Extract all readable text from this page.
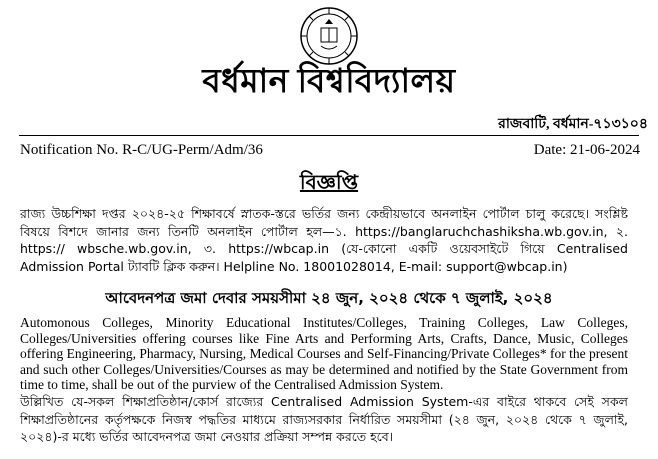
বর্ধমান বিশ্ববিদ্যালয়
রাজবাটি, বর্ধমান-৭১৩১০৪
Notification No. R-C/UG-Perm/Adm/36	Date: 21-06-2024
বিজ্ঞপ্তি
রাজ্য উচ্চশিক্ষা দপ্তর ২০২৪-২৫ শিক্ষাবর্ষে স্নাতক-স্তরে ভর্তির জন্য কেন্দ্রীয়ভাবে অনলাইন পোর্টাল চালু করেছে। সংশ্লিষ্ট বিষয়ে বিশদে জানার জন্য তিনটি অনলাইন পোর্টাল হল—১. https://banglaruchchashiksha.wb.gov.in, ২. https:// wbsche.wb.gov.in, ৩. https://wbcap.in (যে-কোনো একটি ওয়েবসাইটে গিয়ে Centralised Admission Portal ট্যাবটি ক্লিক করুন। Helpline No. 18001028014, E-mail: support@wbcap.in)
আবেদনপত্র জমা দেবার সময়সীমা ২৪ জুন, ২০২৪ থেকে ৭ জুলাই, ২০২৪
Automonous Colleges, Minority Educational Institutes/Colleges, Training Colleges, Law Colleges, Colleges/Universities offering courses like Fine Arts and Performing Arts, Crafts, Dance, Music, Colleges offering Engineering, Pharmacy, Nursing, Medical Courses and Self-Financing/Private Colleges* for the present and such other Colleges/Universities/Courses as may be determined and notified by the State Government from time to time, shall be out of the purview of the Centralised Admission System.
উল্লিখিত যে-সকল শিক্ষাপ্রতিষ্ঠান/কোর্স রাজ্যের Centralised Admission System-এর বাইরে থাকবে সেই সকল শিক্ষাপ্রতিষ্ঠানের কর্তৃপক্ষকে নিজস্ব পদ্ধতির মাধ্যমে রাজ্যসরকার নির্ধারিত সময়সীমা (২৪ জুন, ২০২৪ থেকে ৭ জুলাই, ২০২৪)-র মধ্যে ভর্তির আবেদনপত্র জমা নেওয়ার প্রক্রিয়া সম্পন্ন করতে হবে।
